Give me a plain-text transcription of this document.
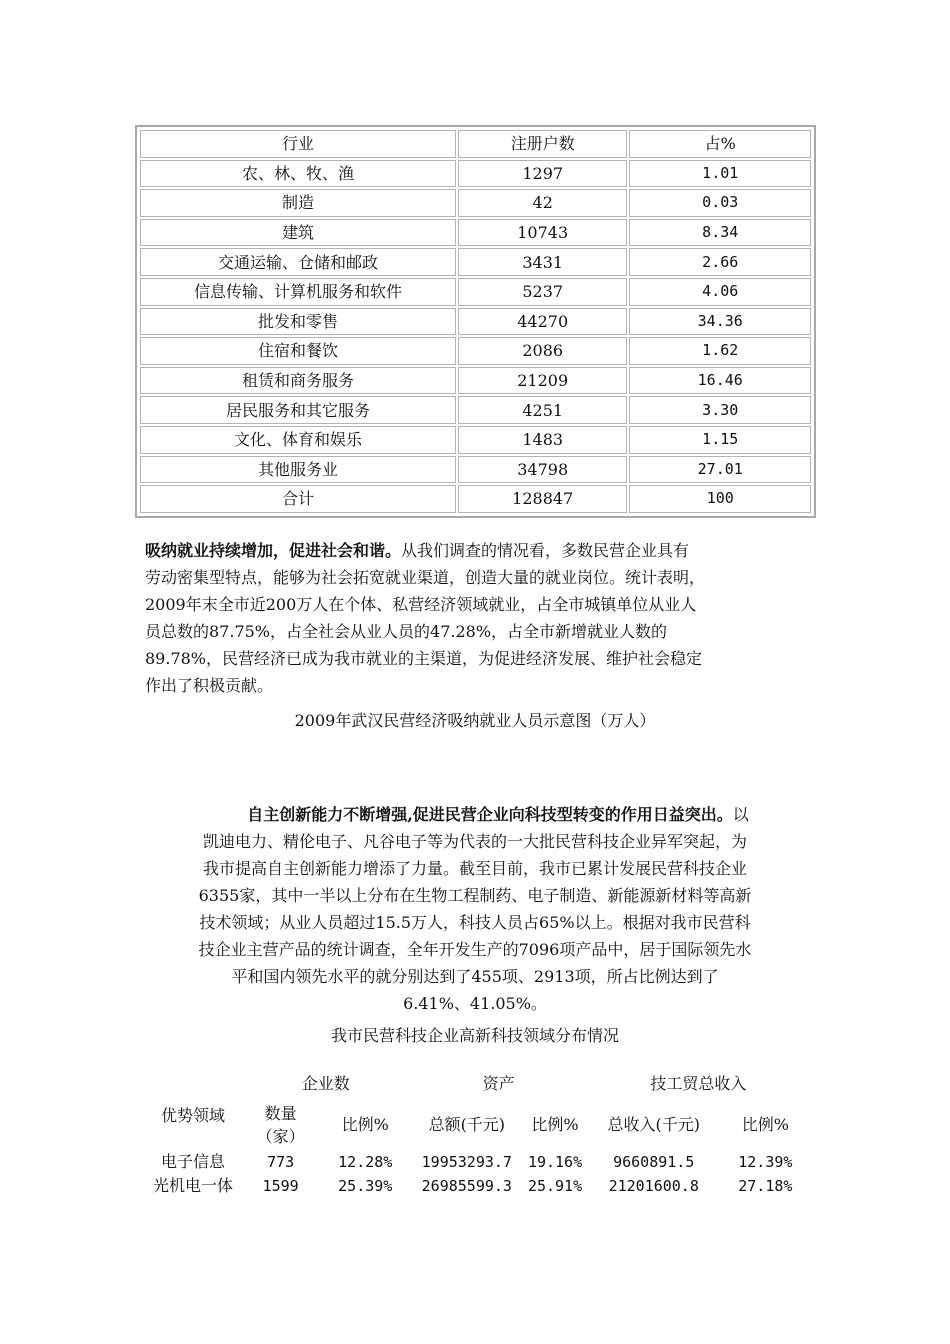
行业	注册户数	占%
农、林、牧、渔	1297	1.01
制造	42	0.03
建筑	10743	8.34
交通运输、仓储和邮政	3431	2.66
信息传输、计算机服务和软件	5237	4.06
批发和零售	44270	34.36
住宿和餐饮	2086	1.62
租赁和商务服务	21209	16.46
居民服务和其它服务	4251	3.30
文化、体育和娱乐	1483	1.15
其他服务业	34798	27.01
合计	128847	100
吸纳就业持续增加，促进社会和谐。从我们调查的情况看，多数民营企业具有
劳动密集型特点，能够为社会拓宽就业渠道，创造大量的就业岗位。统计表明，
2009年末全市近200万人在个体、私营经济领域就业，占全市城镇单位从业人
员总数的87.75%，占全社会从业人员的47.28%，占全市新增就业人数的
89.78%，民营经济已成为我市就业的主渠道，为促进经济发展、维护社会稳定
作出了积极贡献。
2009年武汉民营经济吸纳就业人员示意图（万人）
自主创新能力不断增强,促进民营企业向科技型转变的作用日益突出。以
凯迪电力、精伦电子、凡谷电子等为代表的一大批民营科技企业异军突起，为
我市提高自主创新能力增添了力量。截至目前，我市已累计发展民营科技企业
6355家，其中一半以上分布在生物工程制药、电子制造、新能源新材料等高新
技术领域；从业人员超过15.5万人，科技人员占65%以上。根据对我市民营科
技企业主营产品的统计调查，全年开发生产的7096项产品中，居于国际领先水
平和国内领先水平的就分别达到了455项、2913项，所占比例达到了
6.41%、41.05%。
我市民营科技企业高新科技领域分布情况
优势领域	企业数		资产		技工贸总收入	
	数量（家）	比例%	总额(千元)	比例%	总收入(千元)	比例%
电子信息	773	12.28%	19953293.7	19.16%	9660891.5	12.39%
光机电一体	1599	25.39%	26985599.3	25.91%	21201600.8	27.18%
